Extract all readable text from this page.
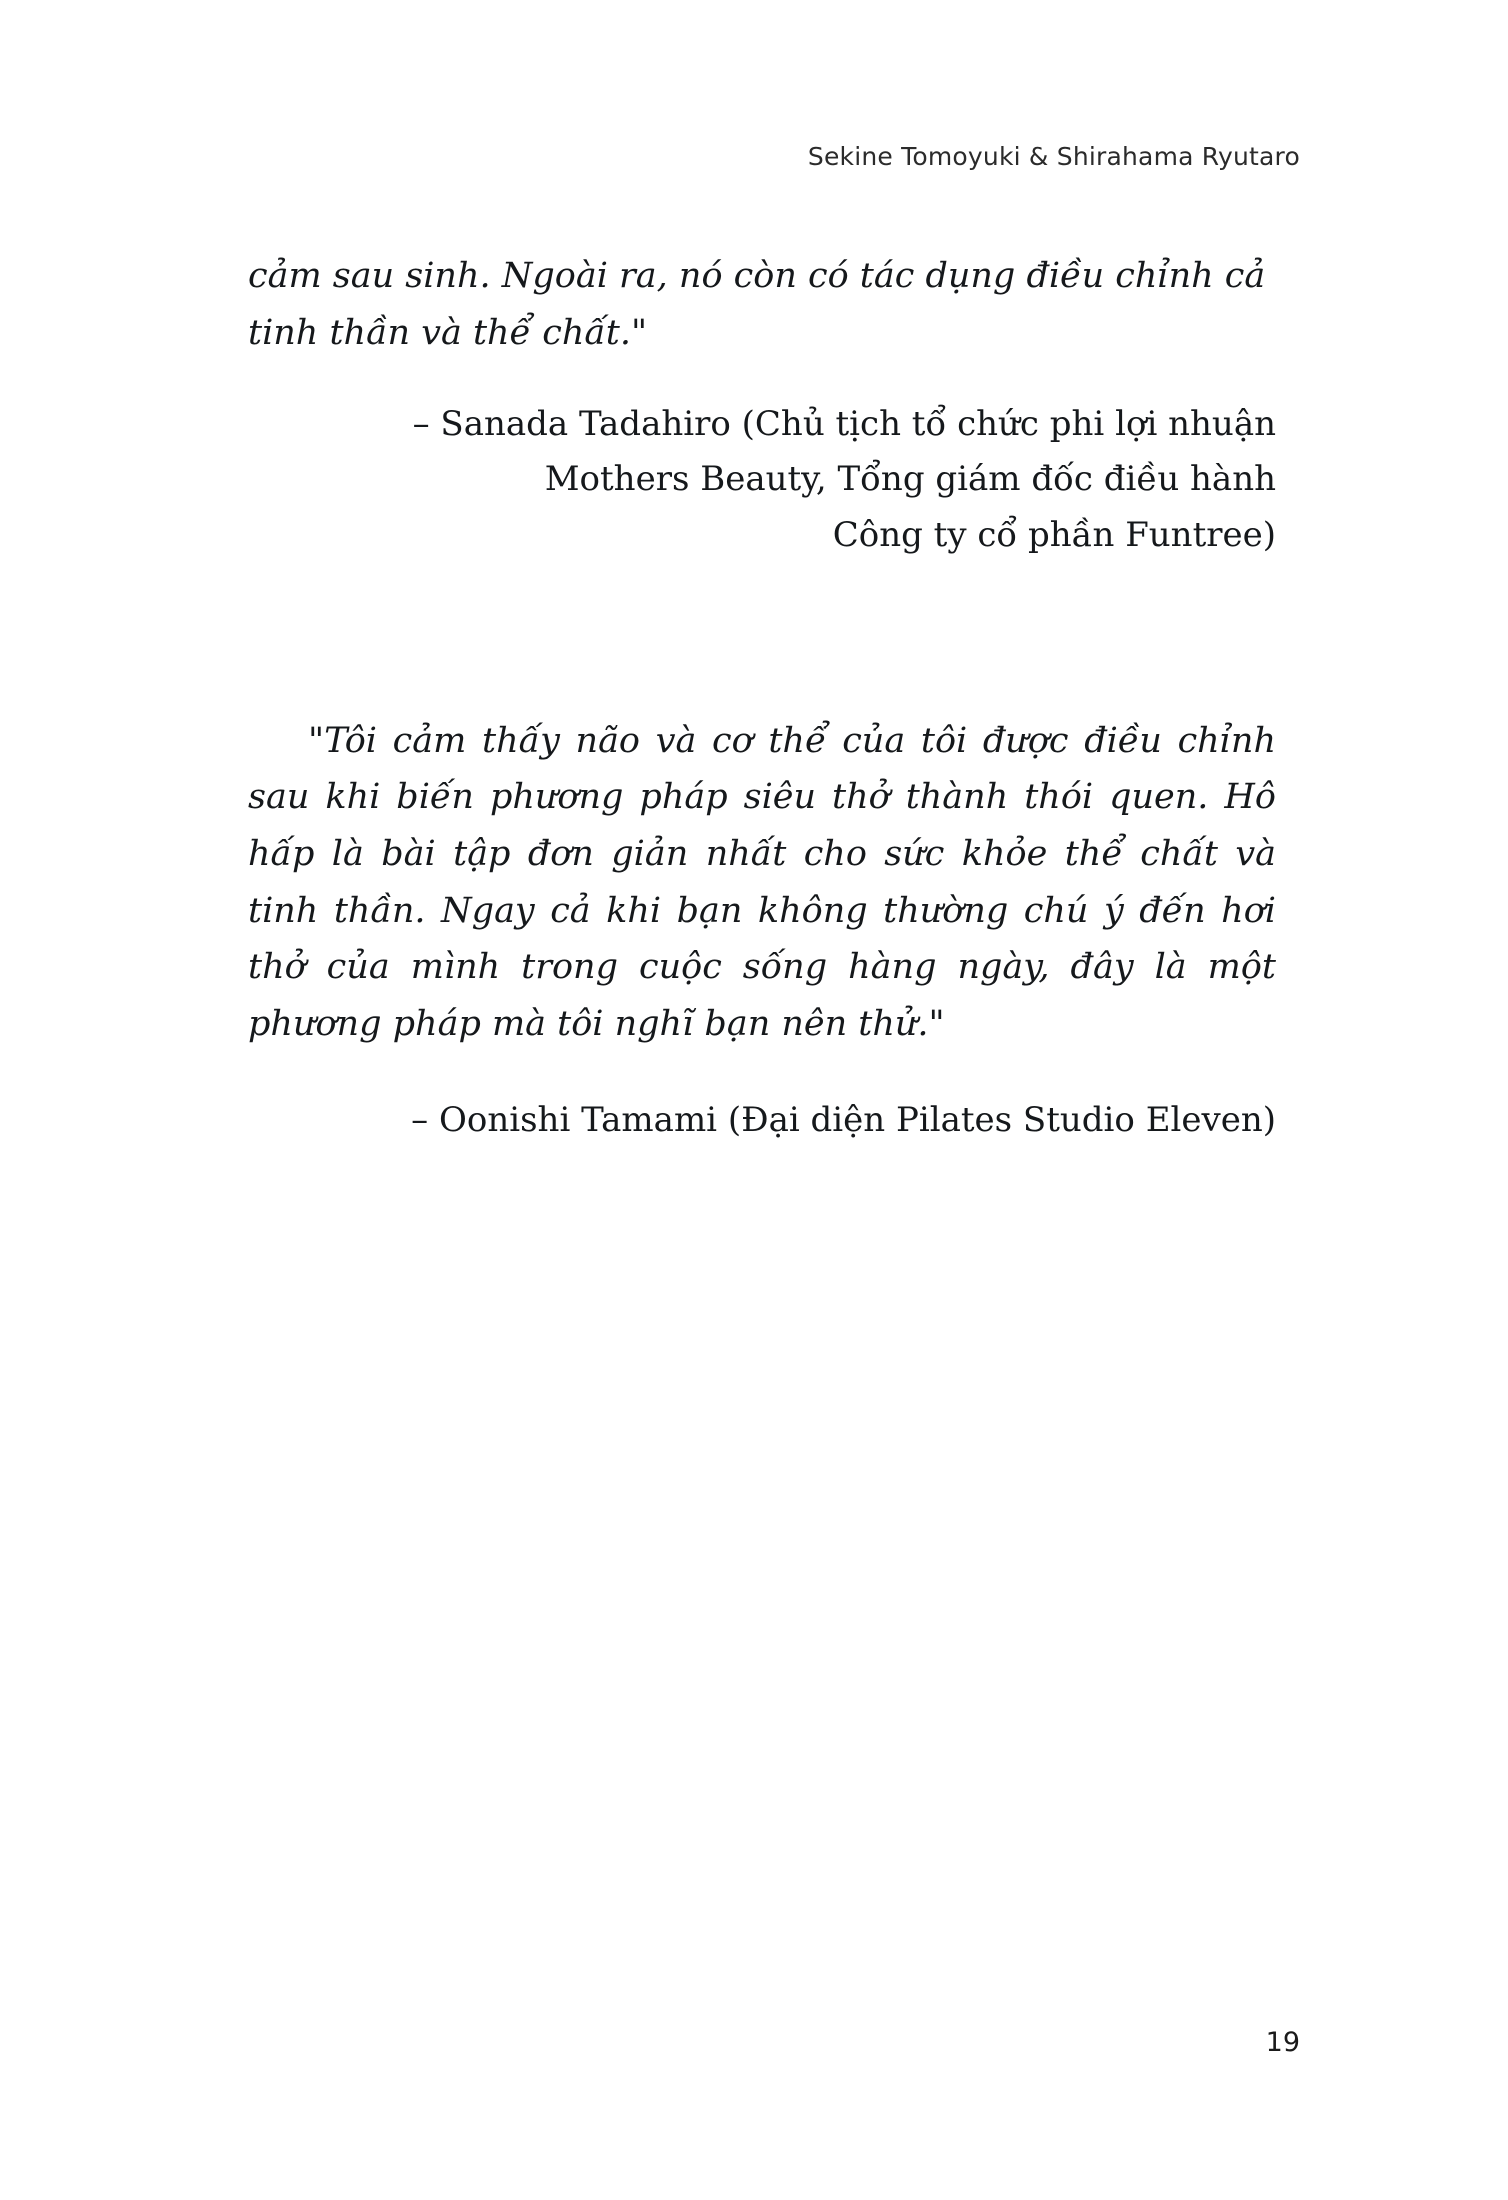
Sekine Tomoyuki & Shirahama Ryutaro

cảm sau sinh. Ngoài ra, nó còn có tác dụng điều chỉnh cả tinh thần và thể chất."

– Sanada Tadahiro (Chủ tịch tổ chức phi lợi nhuận
Mothers Beauty, Tổng giám đốc điều hành
Công ty cổ phần Funtree)

"Tôi cảm thấy não và cơ thể của tôi được điều chỉnh sau khi biến phương pháp siêu thở thành thói quen. Hô hấp là bài tập đơn giản nhất cho sức khỏe thể chất và tinh thần. Ngay cả khi bạn không thường chú ý đến hơi thở của mình trong cuộc sống hàng ngày, đây là một phương pháp mà tôi nghĩ bạn nên thử."

– Oonishi Tamami (Đại diện Pilates Studio Eleven)
19
